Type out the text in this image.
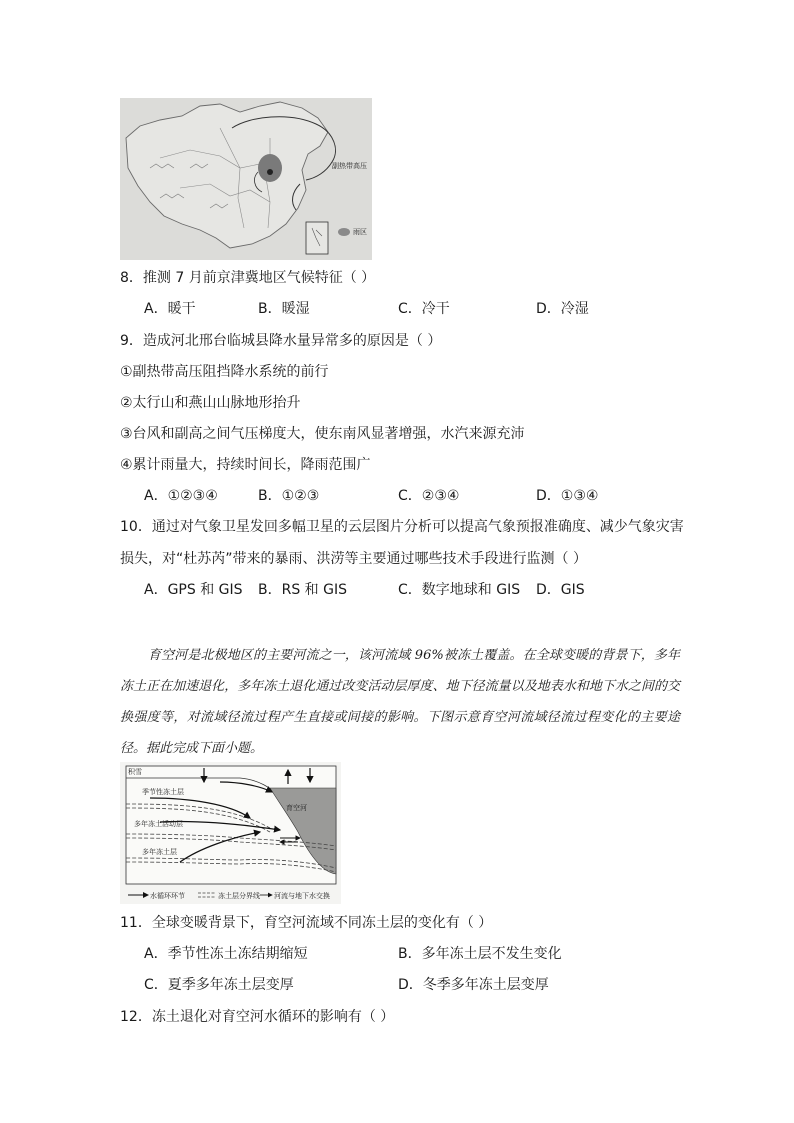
雨区
副热带高压
8．推测 7 月前京津冀地区气候特征（ ）
A．暖干	B．暖湿	C．冷干	D．冷湿
9．造成河北邢台临城县降水量异常多的原因是（ ）
①副热带高压阻挡降水系统的前行
②太行山和燕山山脉地形抬升
③台风和副高之间气压梯度大，使东南风显著增强，水汽来源充沛
④累计雨量大，持续时间长，降雨范围广
A．①②③④	B．①②③	C．②③④	D．①③④
10．通过对气象卫星发回多幅卫星的云层图片分析可以提高气象预报准确度、减少气象灾害
损失，对“杜苏芮”带来的暴雨、洪涝等主要通过哪些技术手段进行监测（ ）
A．GPS 和 GIS B．RS 和 GIS	C．数字地球和 GIS D．GIS
育空河是北极地区的主要河流之一，该河流域 96%被冻土覆盖。在全球变暖的背景下，多年冻土正在加速退化，多年冻土退化通过改变活动层厚度、地下径流量以及地表水和地下水之间的交换强度等，对流域径流过程产生直接或间接的影响。下图示意育空河流域径流过程变化的主要途径。据此完成下面小题。
积雪
季节性冻土层
多年冻土活动层
多年冻土层
育空河
水循环环节	冻土层分界线 河流与地下水交换
11．全球变暖背景下，育空河流域不同冻土层的变化有（ ）
A．季节性冻土冻结期缩短	B．多年冻土层不发生变化
C．夏季多年冻土层变厚	D．冬季多年冻土层变厚
12．冻土退化对育空河水循环的影响有（ ）
